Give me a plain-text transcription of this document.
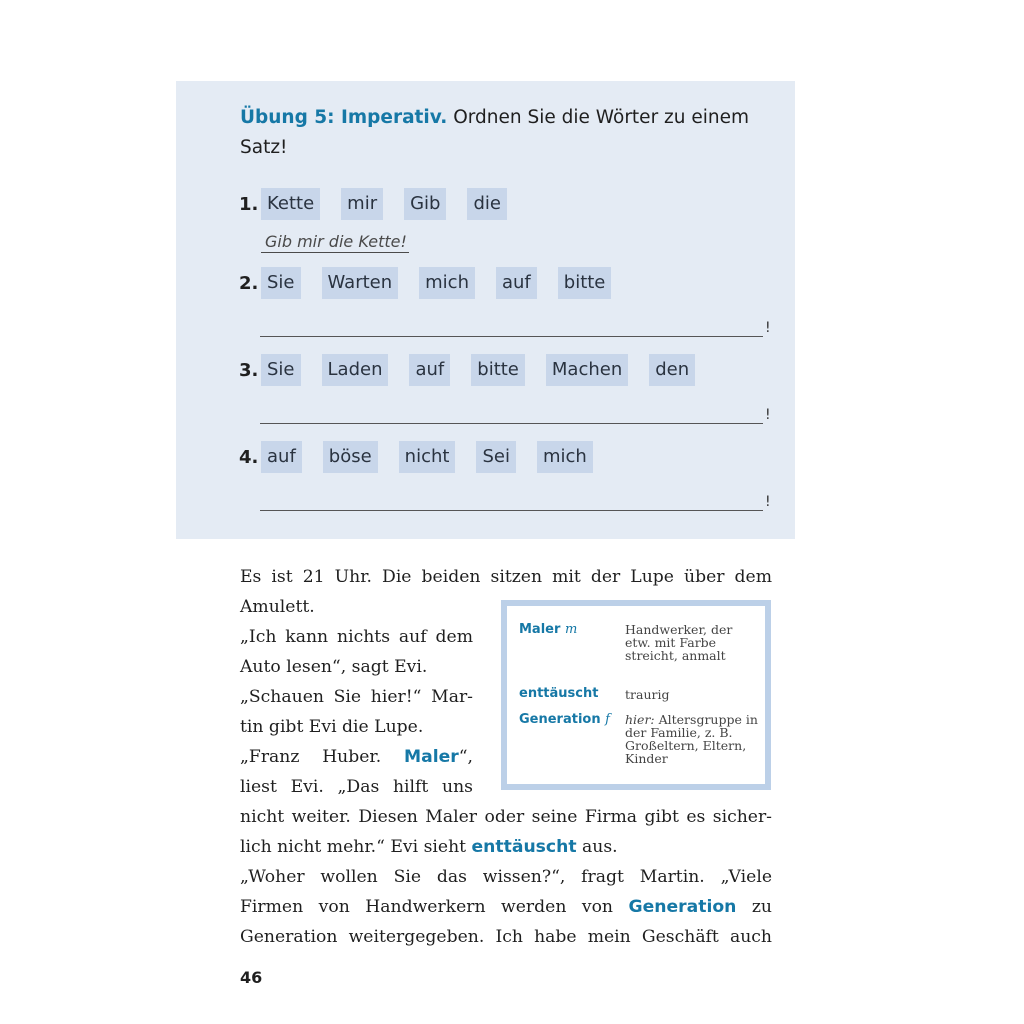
Übung 5: Imperativ. Ordnen Sie die Wörter zu einem Satz!
1. Kette	mir	Gib	die
Gib mir die Kette!
2. Sie	Warten	mich	auf	bitte
!
3. Sie	Laden	auf	bitte	Machen	den
!
4. auf	böse	nicht	Sei	mich
!
Es ist 21 Uhr. Die beiden sitzen mit der Lupe über dem
Amulett.
„Ich kann nichts auf dem
Auto lesen“, sagt Evi.
„Schauen Sie hier!“ Mar-
tin gibt Evi die Lupe.
„Franz Huber. Maler“,
liest Evi. „Das hilft uns
nicht weiter. Diesen Maler oder seine Firma gibt es sicher-
lich nicht mehr.“ Evi sieht enttäuscht aus.
„Woher wollen Sie das wissen?“, fragt Martin. „Viele
Firmen von Handwerkern werden von Generation zu
Generation weitergegeben. Ich habe mein Geschäft auch
Maler m	Handwerker, der etw. mit Farbe streicht, anmalt
enttäuscht traurig
Generation f hier: Altersgruppe in der Familie, z. B. Großeltern, Eltern, Kinder
46
